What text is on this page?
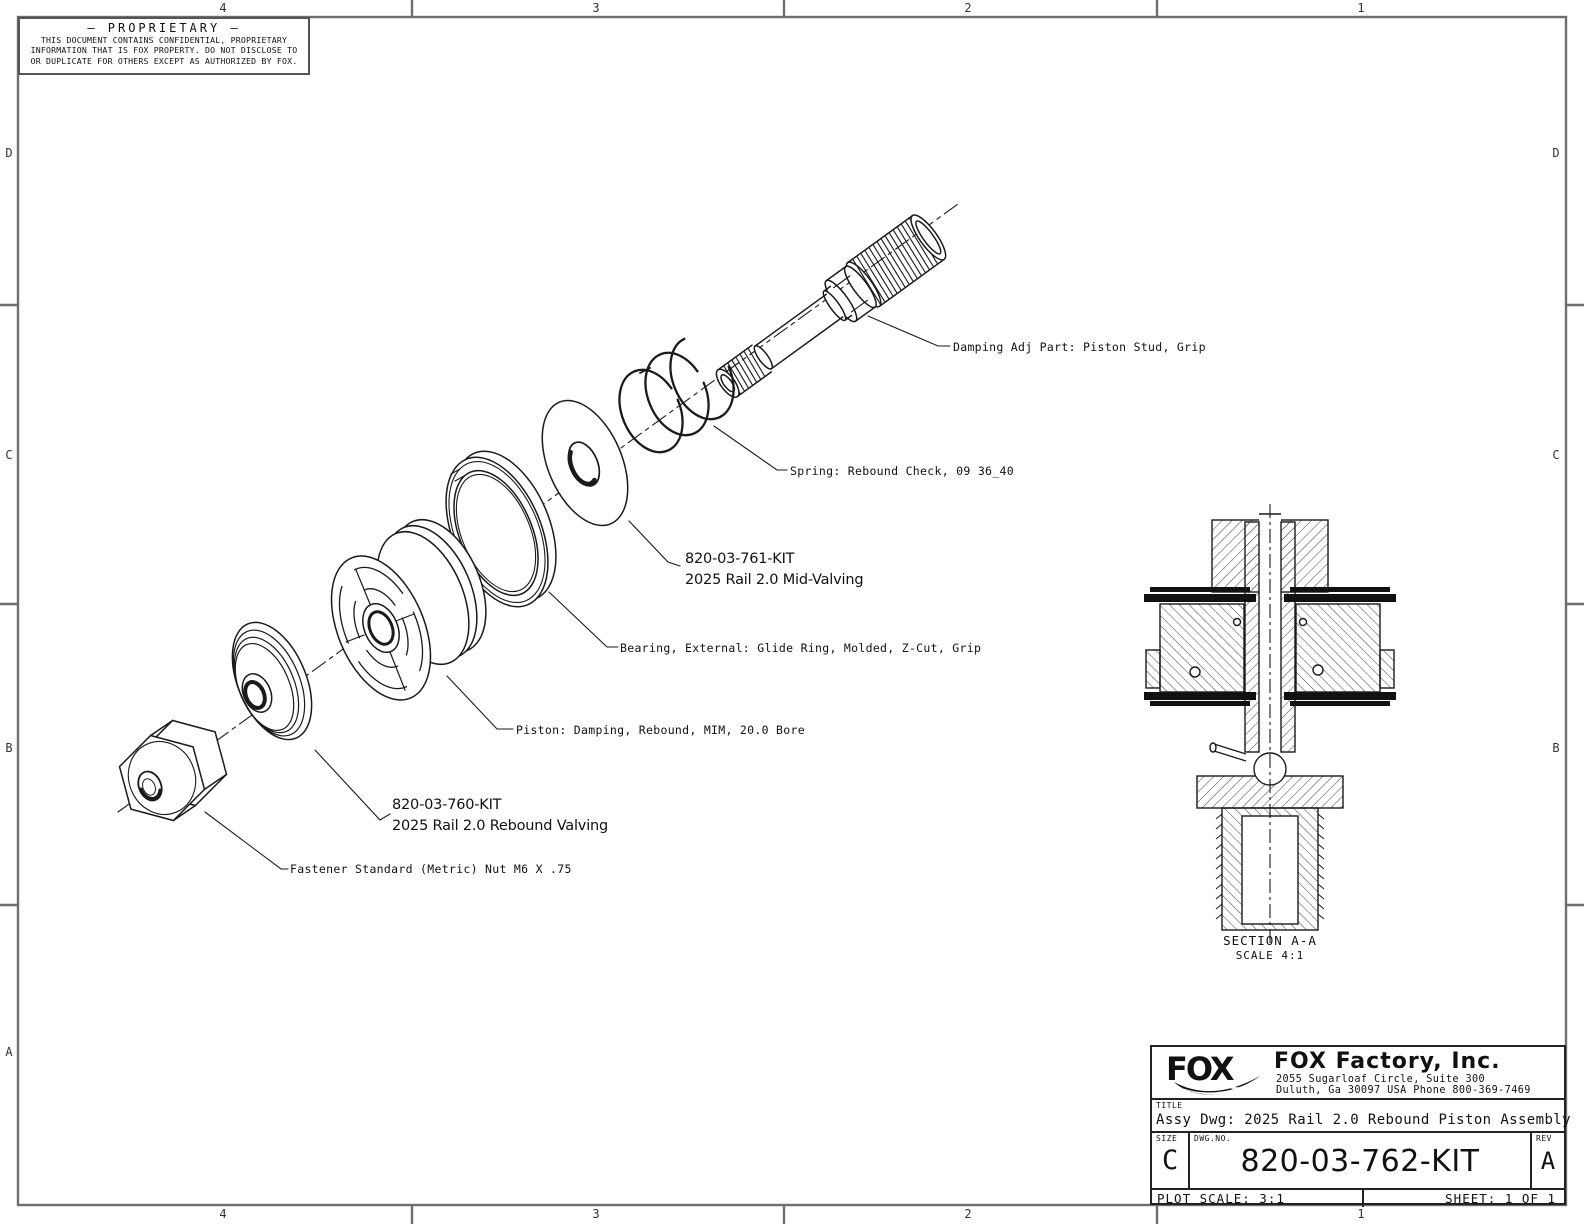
— PROPRIETARY —
THIS DOCUMENT CONTAINS CONFIDENTIAL, PROPRIETARY
INFORMATION THAT IS FOX PROPERTY. DO NOT DISCLOSE TO
OR DUPLICATE FOR OTHERS EXCEPT AS AUTHORIZED BY FOX.
4	3	2	1
4	3	2	1
D
C
B
A
D
C
B
Damping Adj Part: Piston Stud, Grip
Spring: Rebound Check, 09 36_40
820-03-761-KIT
2025 Rail 2.0 Mid-Valving
Bearing, External: Glide Ring, Molded, Z-Cut, Grip
Piston: Damping, Rebound, MIM, 20.0 Bore
820-03-760-KIT
2025 Rail 2.0 Rebound Valving
Fastener Standard (Metric) Nut M6 X .75
SECTION A-A
SCALE 4:1
FOX FOX Factory, Inc.
2055 Sugarloaf Circle, Suite 300
Duluth, Ga 30097 USA Phone 800-369-7469
TITLE
Assy Dwg: 2025 Rail 2.0 Rebound Piston Assembly
SIZE
C
DWG.NO.
820-03-762-KIT
REV
A
PLOT SCALE: 3:1	SHEET: 1 OF 1
